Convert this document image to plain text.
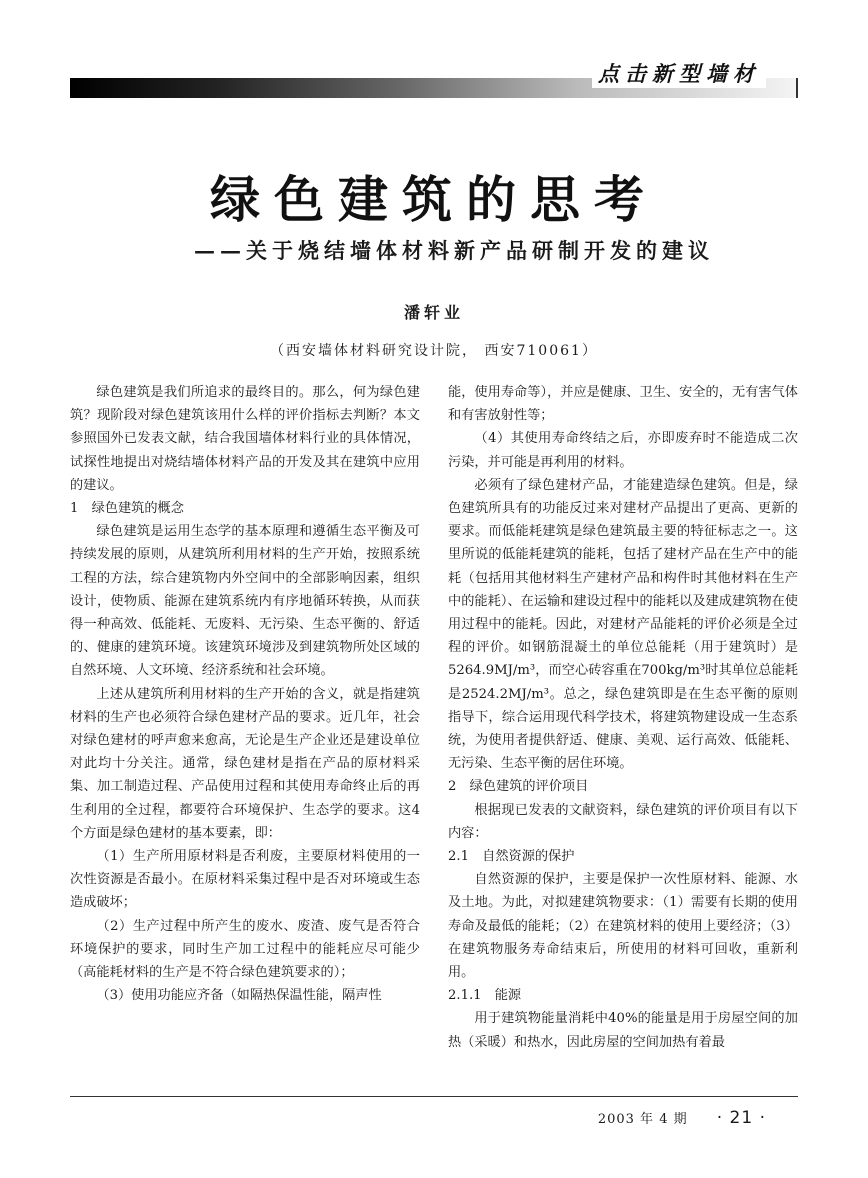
点击新型墙材
绿色建筑的思考
——关于烧结墙体材料新产品研制开发的建议
潘轩业
（西安墙体材料研究设计院， 西安710061）

绿色建筑是我们所追求的最终目的。那么，何为绿色建筑？现阶段对绿色建筑该用什么样的评价指标去判断？本文参照国外已发表文献，结合我国墙体材料行业的具体情况，试探性地提出对烧结墙体材料产品的开发及其在建筑中应用的建议。

1　绿色建筑的概念

绿色建筑是运用生态学的基本原理和遵循生态平衡及可持续发展的原则，从建筑所利用材料的生产开始，按照系统工程的方法，综合建筑物内外空间中的全部影响因素，组织设计，使物质、能源在建筑系统内有序地循环转换，从而获得一种高效、低能耗、无废料、无污染、生态平衡的、舒适的、健康的建筑环境。该建筑环境涉及到建筑物所处区域的自然环境、人文环境、经济系统和社会环境。

上述从建筑所利用材料的生产开始的含义，就是指建筑材料的生产也必须符合绿色建材产品的要求。近几年，社会对绿色建材的呼声愈来愈高，无论是生产企业还是建设单位对此均十分关注。通常，绿色建材是指在产品的原材料采集、加工制造过程、产品使用过程和其使用寿命终止后的再生利用的全过程，都要符合环境保护、生态学的要求。这4个方面是绿色建材的基本要素，即：

（1）生产所用原材料是否利废，主要原材料使用的一次性资源是否最小。在原材料采集过程中是否对环境或生态造成破坏；

（2）生产过程中所产生的废水、废渣、废气是否符合环境保护的要求，同时生产加工过程中的能耗应尽可能少（高能耗材料的生产是不符合绿色建筑要求的）；

（3）使用功能应齐备（如隔热保温性能，隔声性

能，使用寿命等），并应是健康、卫生、安全的，无有害气体和有害放射性等；

（4）其使用寿命终结之后，亦即废弃时不能造成二次污染，并可能是再利用的材料。

必须有了绿色建材产品，才能建造绿色建筑。但是，绿色建筑所具有的功能反过来对建材产品提出了更高、更新的要求。而低能耗建筑是绿色建筑最主要的特征标志之一。这里所说的低能耗建筑的能耗，包括了建材产品在生产中的能耗（包括用其他材料生产建材产品和构件时其他材料在生产中的能耗）、在运输和建设过程中的能耗以及建成建筑物在使用过程中的能耗。因此，对建材产品能耗的评价必须是全过程的评价。如钢筋混凝土的单位总能耗（用于建筑时）是5264.9MJ/m³，而空心砖容重在700kg/m³时其单位总能耗是2524.2MJ/m³。总之，绿色建筑即是在生态平衡的原则指导下，综合运用现代科学技术，将建筑物建设成一生态系统，为使用者提供舒适、健康、美观、运行高效、低能耗、无污染、生态平衡的居住环境。

2　绿色建筑的评价项目

根据现已发表的文献资料，绿色建筑的评价项目有以下内容：

2.1　自然资源的保护

自然资源的保护，主要是保护一次性原材料、能源、水及土地。为此，对拟建建筑物要求：（1）需要有长期的使用寿命及最低的能耗；（2）在建筑材料的使用上要经济；（3）在建筑物服务寿命结束后，所使用的材料可回收，重新利用。

2.1.1　能源

用于建筑物能量消耗中40%的能量是用于房屋空间的加热（采暖）和热水，因此房屋的空间加热有着最

2003 年 4 期 · 21 ·
